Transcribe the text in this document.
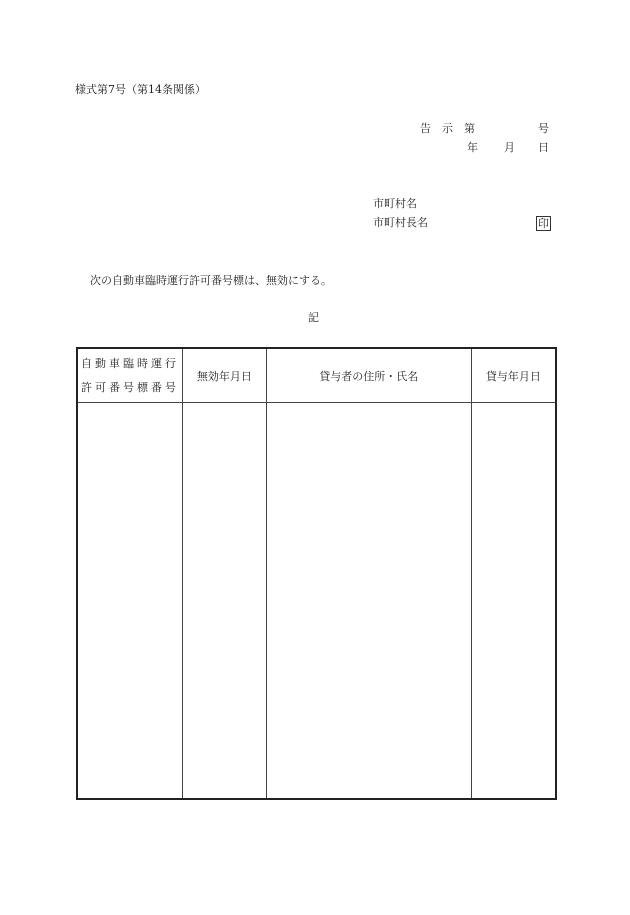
様式第7号（第14条関係）
告　示　第	号
年 月 日
市町村名
市町村長名	印
次の自動車臨時運行許可番号標は、無効にする。
記
自動車臨時運行
許可番号標番号	無効年月日	貸与者の住所・氏名	貸与年月日
